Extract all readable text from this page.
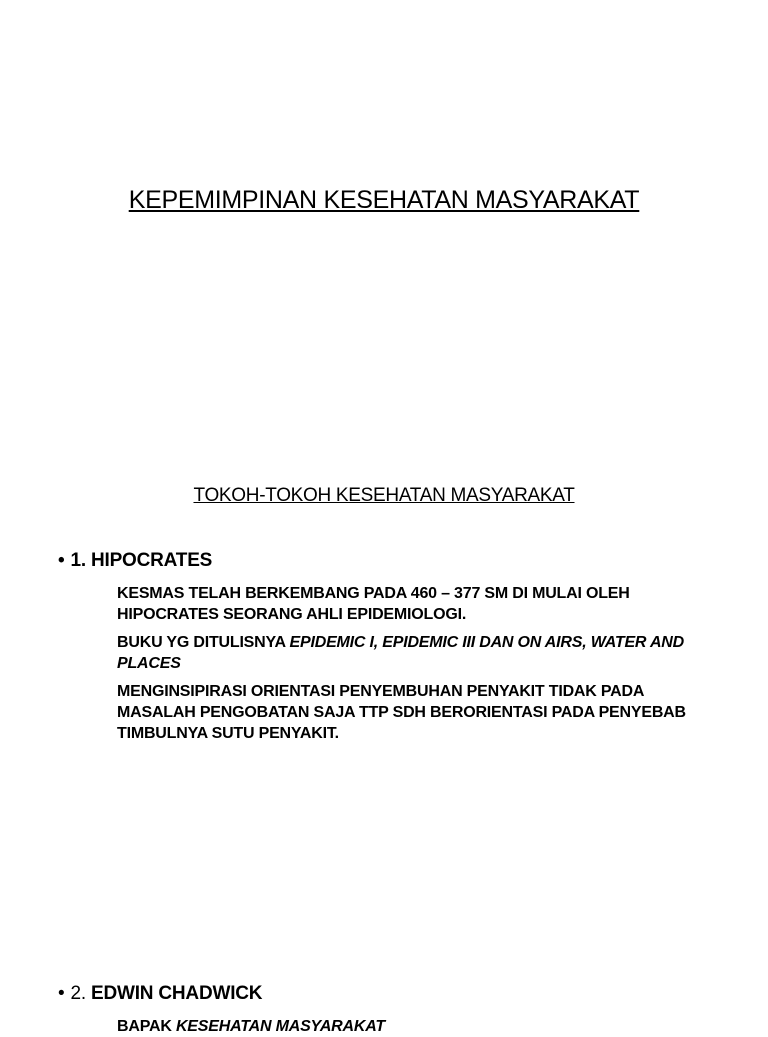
KEPEMIMPINAN KESEHATAN MASYARAKAT
TOKOH-TOKOH KESEHATAN MASYARAKAT
• 1. HIPOCRATES
KESMAS TELAH BERKEMBANG PADA 460 – 377 SM DI MULAI OLEH HIPOCRATES SEORANG AHLI EPIDEMIOLOGI.
BUKU YG DITULISNYA EPIDEMIC I, EPIDEMIC III DAN ON AIRS, WATER AND PLACES
MENGINSIPIRASI ORIENTASI PENYEMBUHAN PENYAKIT TIDAK PADA MASALAH PENGOBATAN SAJA TTP SDH BERORIENTASI PADA PENYEBAB TIMBULNYA SUTU PENYAKIT.
• 2. EDWIN CHADWICK
BAPAK KESEHATAN MASYARAKAT
